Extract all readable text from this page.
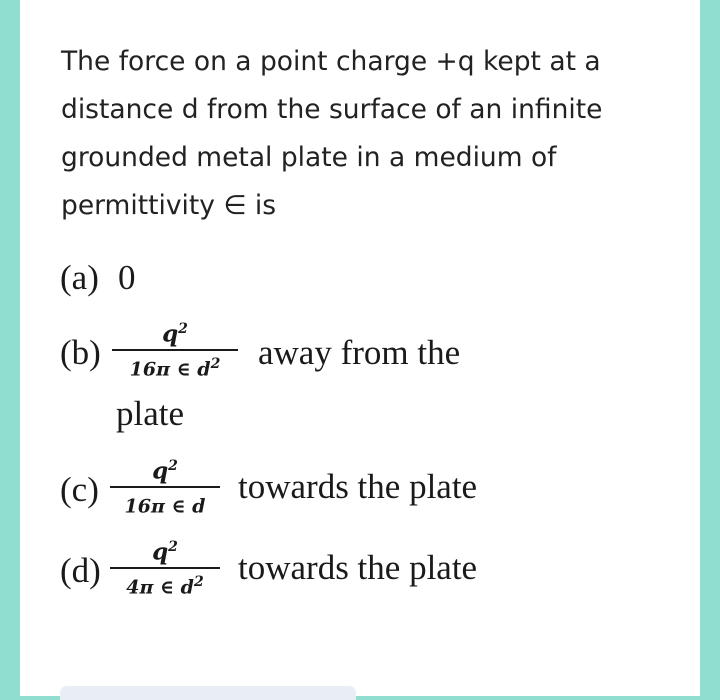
The force on a point charge +q kept at a
distance d from the surface of an infinite
grounded metal plate in a medium of
permittivity ∈ is
(a) 0
(b)	$q^2$
16π ∈ $d^2$	away from the
plate
(c)	$q^2$
16π ∈ d towards the plate
(d)	$q^2$
4π ∈ $d^2$ towards the plate
